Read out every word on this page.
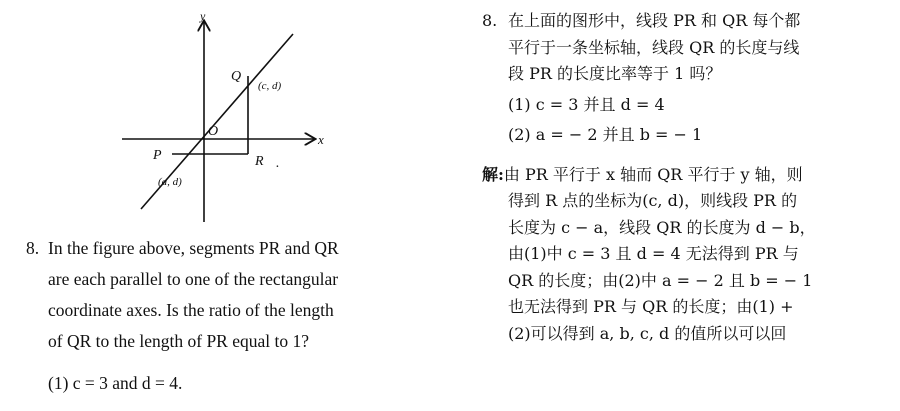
y
x
O
P
Q
R .
(c, d)
(a, d)
8. In the figure above, segments PR and QR
are each parallel to one of the rectangular
coordinate axes. Is the ratio of the length
of QR to the length of PR equal to 1?
(1) c = 3 and d = 4.
8. 在上面的图形中，线段 PR 和 QR 每个都
平行于一条坐标轴，线段 QR 的长度与线
段 PR 的长度比率等于 1 吗？
(1) c = 3 并且 d = 4
(2) a = − 2 并且 b = − 1
解:由 PR 平行于 x 轴而 QR 平行于 y 轴，则
得到 R 点的坐标为(c, d)，则线段 PR 的
长度为 c − a，线段 QR 的长度为 d − b，
由(1)中 c = 3 且 d = 4 无法得到 PR 与
QR 的长度；由(2)中 a = − 2 且 b = − 1
也无法得到 PR 与 QR 的长度；由(1) +
(2)可以得到 a, b, c, d 的值所以可以回
